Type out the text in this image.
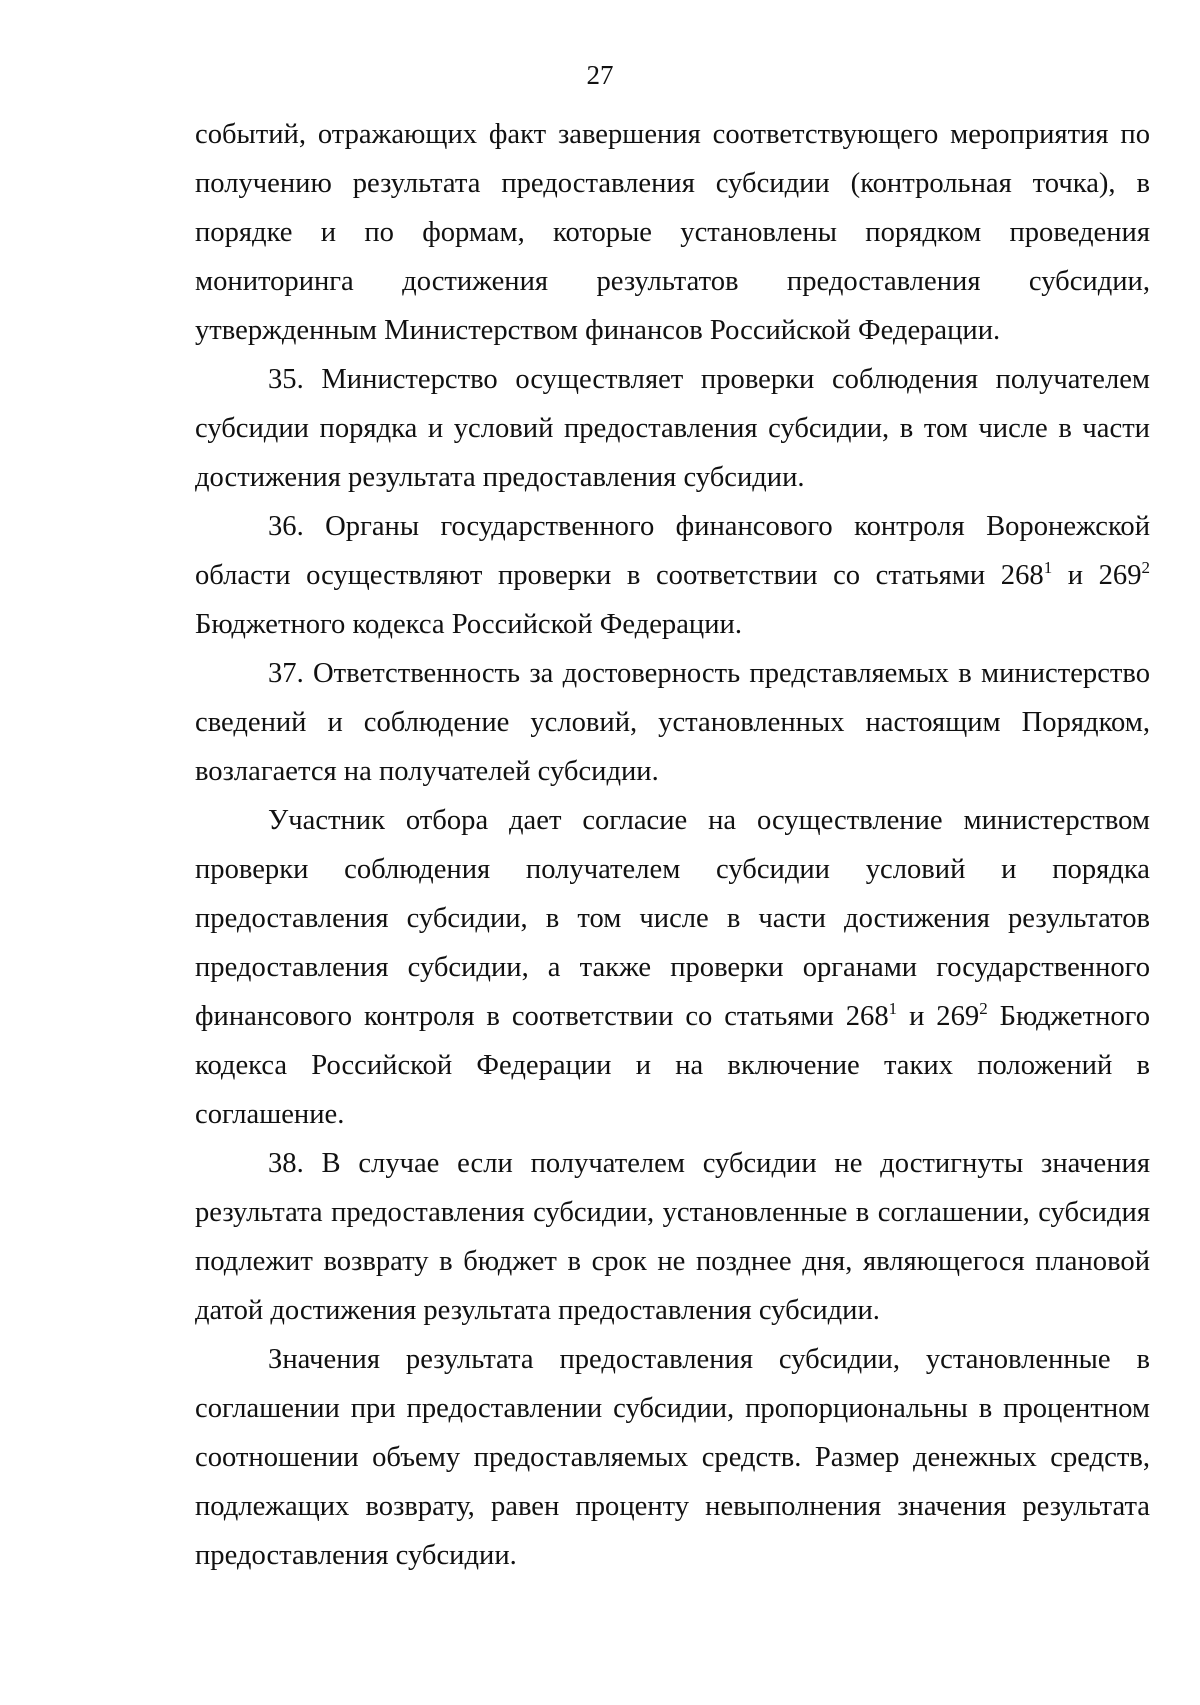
27

событий, отражающих факт завершения соответствующего мероприятия по получению результата предоставления субсидии (контрольная точка), в порядке и по формам, которые установлены порядком проведения мониторинга достижения результатов предоставления субсидии, утвержденным Министерством финансов Российской Федерации.

35. Министерство осуществляет проверки соблюдения получателем субсидии порядка и условий предоставления субсидии, в том числе в части достижения результата предоставления субсидии.

36. Органы государственного финансового контроля Воронежской области осуществляют проверки в соответствии со статьями $268^1$ и $269^2$ Бюджетного кодекса Российской Федерации.

37. Ответственность за достоверность представляемых в министерство сведений и соблюдение условий, установленных настоящим Порядком, возлагается на получателей субсидии.

Участник отбора дает согласие на осуществление министерством проверки соблюдения получателем субсидии условий и порядка предоставления субсидии, в том числе в части достижения результатов предоставления субсидии, а также проверки органами государственного финансового контроля в соответствии со статьями $268^1$ и $269^2$ Бюджетного кодекса Российской Федерации и на включение таких положений в соглашение.

38. В случае если получателем субсидии не достигнуты значения результата предоставления субсидии, установленные в соглашении, субсидия подлежит возврату в бюджет в срок не позднее дня, являющегося плановой датой достижения результата предоставления субсидии.

Значения результата предоставления субсидии, установленные в соглашении при предоставлении субсидии, пропорциональны в процентном соотношении объему предоставляемых средств. Размер денежных средств, подлежащих возврату, равен проценту невыполнения значения результата предоставления субсидии.
